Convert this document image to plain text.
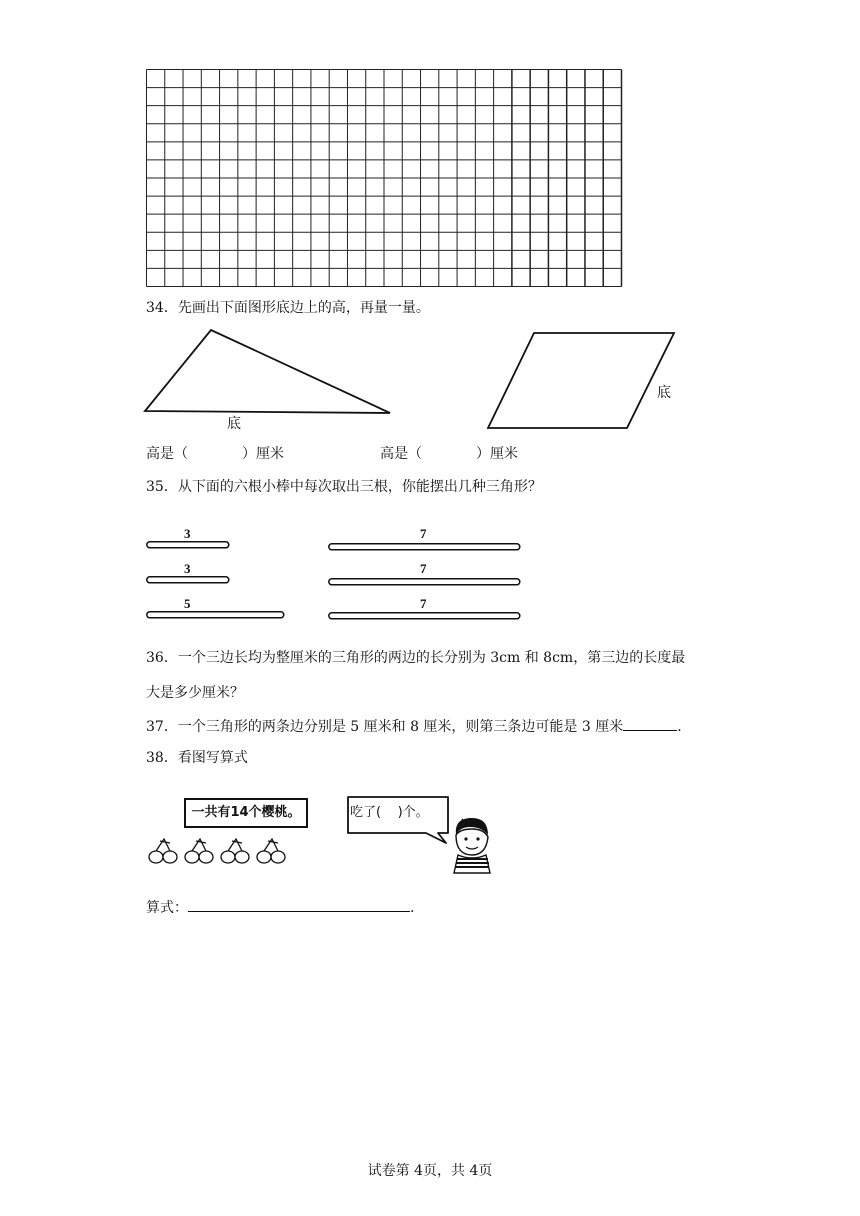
34．先画出下面图形底边上的高，再量一量。
底
底
高是（	）厘米	高是（	）厘米
35．从下面的六根小棒中每次取出三根，你能摆出几种三角形？
3
3
5
7
7
7
36．一个三边长均为整厘米的三角形的两边的长分别为 3cm 和 8cm，第三边的长度最
大是多少厘米？
37．一个三角形的两条边分别是 5 厘米和 8 厘米，则第三条边可能是 3 厘米	.
38．看图写算式
一共有14个樱桃。	吃了(    )个。
算式：	.
试卷第 4页，共 4页
